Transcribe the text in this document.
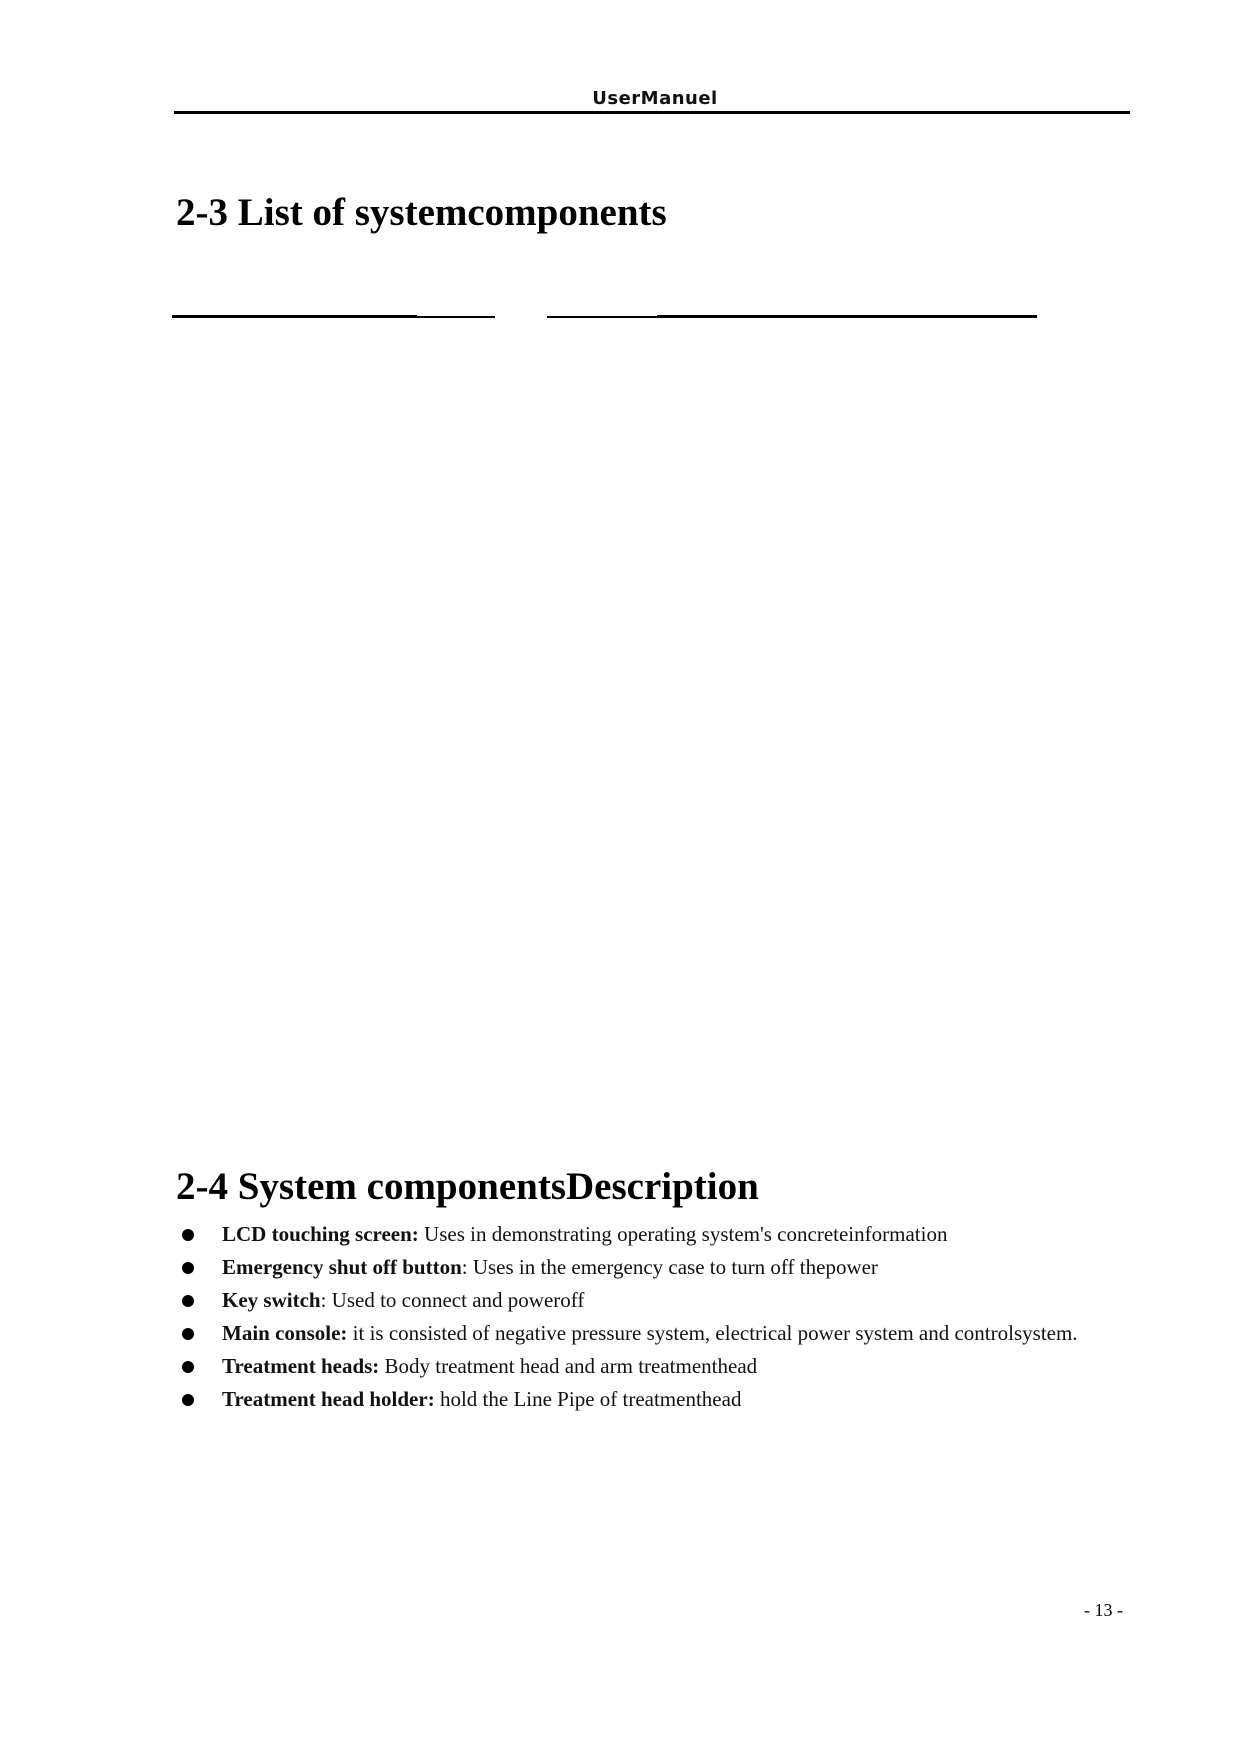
UserManuel
2-3 List of systemcomponents
2-4 System componentsDescription
LCD touching screen: Uses in demonstrating operating system's concreteinformation
Emergency shut off button: Uses in the emergency case to turn off thepower
Key switch: Used to connect and poweroff
Main console: it is consisted of negative pressure system, electrical power system and controlsystem.
Treatment heads: Body treatment head and arm treatmenthead
Treatment head holder: hold the Line Pipe of treatmenthead
- 13 -
